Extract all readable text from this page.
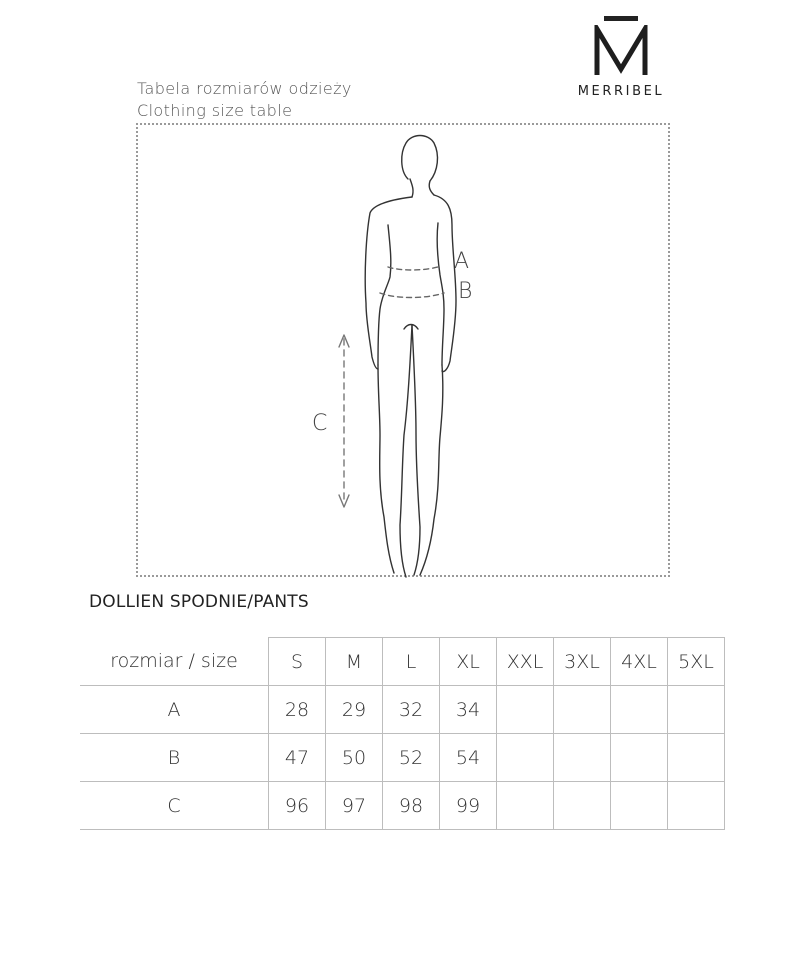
MERRIBEL
Tabela rozmiarów odzieży
Clothing size table
A
B
C
DOLLIEN SPODNIE/PANTS
rozmiar / size	S	M	L	XL	XXL	3XL	4XL	5XL
A	28	29	32	34				
B	47	50	52	54				
C	96	97	98	99				
